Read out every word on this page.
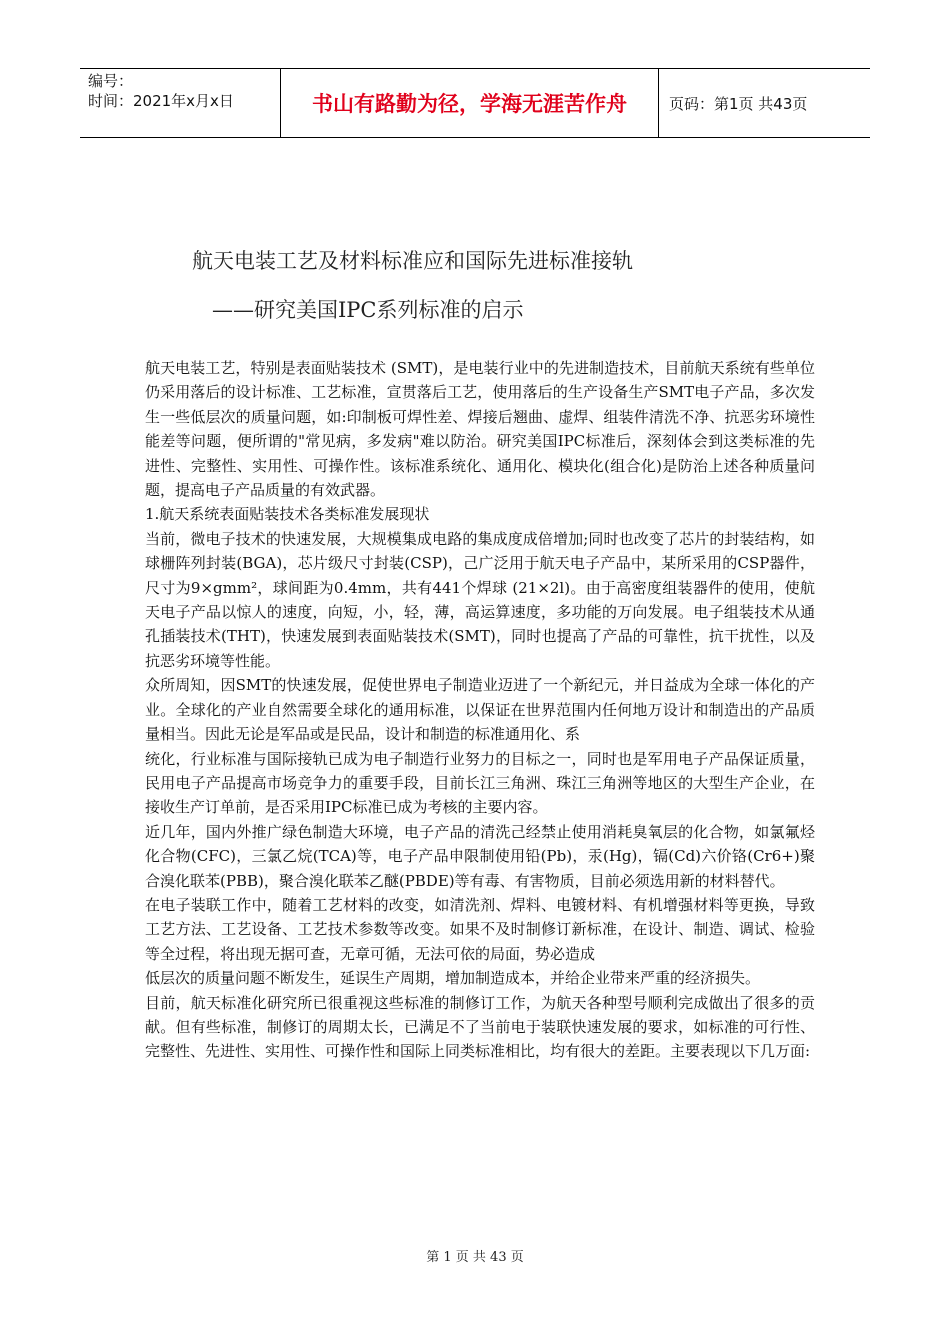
编号：
时间：2021年x月x日	书山有路勤为径，学海无涯苦作舟	页码：第1页 共43页
航天电装工艺及材料标准应和国际先进标准接轨
——研究美国IPC系列标准的启示

航天电装工艺，特别是表面贴装技术 (SMT)，是电装行业中的先进制造技术，目前航天系统有些单位仍采用落后的设计标准、工艺标准，宣贯落后工艺，使用落后的生产设备生产SMT电子产品，多次发生一些低层次的质量问题，如:印制板可焊性差、焊接后翘曲、虚焊、组装件清洗不净、抗恶劣环境性能差等问题，便所谓的"常见病，多发病"难以防治。研究美国IPC标准后，深刻体会到这类标准的先进性、完整性、实用性、可操作性。该标准系统化、通用化、模块化(组合化)是防治上述各种质量问题，提高电子产品质量的有效武器。

1.航天系统表面贴装技术各类标准发展现状

当前，微电子技术的快速发展，大规模集成电路的集成度成倍增加;同时也改变了芯片的封装结构，如球栅阵列封装(BGA)，芯片级尺寸封装(CSP)，己广泛用于航天电子产品中，某所采用的CSP器件，尺寸为9×gmm²，球间距为0.4mm，共有441个焊球 (21×2l)。由于高密度组装器件的使用，使航天电子产品以惊人的速度，向短，小，轻，薄，高运算速度，多功能的万向发展。电子组装技术从通孔插装技术(THT)，快速发展到表面贴装技术(SMT)，同时也提高了产品的可靠性，抗干扰性，以及抗恶劣环境等性能。

众所周知，因SMT的快速发展，促使世界电子制造业迈进了一个新纪元，并日益成为全球一体化的产业。全球化的产业自然需要全球化的通用标准，以保证在世界范围内任何地万设计和制造出的产品质量相当。因此无论是军品或是民品，设计和制造的标准通用化、系

统化，行业标准与国际接轨已成为电子制造行业努力的目标之一，同时也是军用电子产品保证质量，民用电子产品提高市场竞争力的重要手段，目前长江三角洲、珠江三角洲等地区的大型生产企业，在接收生产订单前，是否采用IPC标准已成为考核的主要内容。

近几年，国内外推广绿色制造大环境，电子产品的清洗己经禁止使用消耗臭氧层的化合物，如氯氟烃化合物(CFC)，三氯乙烷(TCA)等，电子产品申限制使用铅(Pb)，汞(Hg)，镉(Cd)六价铬(Cr6+)聚合溴化联苯(PBB)，聚合溴化联苯乙醚(PBDE)等有毒、有害物质，目前必须选用新的材料替代。

在电子装联工作中，随着工艺材料的改变，如清洗剂、焊料、电镀材料、有机增强材料等更换，导致工艺方法、工艺设备、工艺技术参数等改变。如果不及时制修订新标准，在设计、制造、调试、检验等全过程，将出现无据可查，无章可循，无法可依的局面，势必造成

低层次的质量问题不断发生，延误生产周期，增加制造成本，并给企业带来严重的经济损失。

目前，航天标准化研究所已很重视这些标准的制修订工作，为航天各种型号顺利完成做出了很多的贡献。但有些标准，制修订的周期太长，已满足不了当前电于装联快速发展的要求，如标准的可行性、完整性、先进性、实用性、可操作性和国际上同类标准相比，均有很大的差距。主要表现以下几万面:

第 1 页 共 43 页
